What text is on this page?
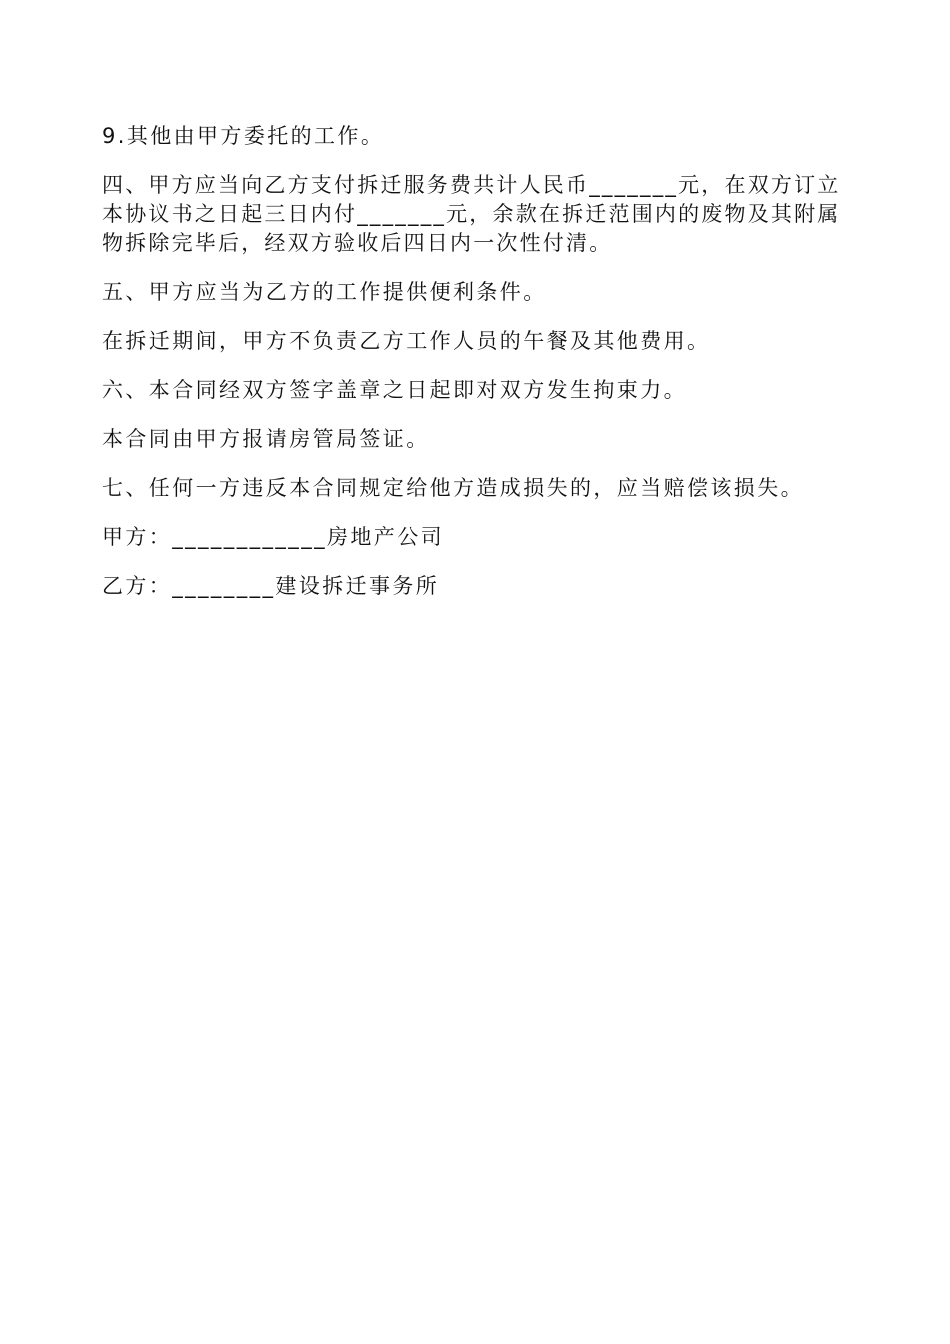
9.其他由甲方委托的工作。

四、甲方应当向乙方支付拆迁服务费共计人民币_______元，在双方订立本协议书之日起三日内付_______元，余款在拆迁范围内的废物及其附属物拆除完毕后，经双方验收后四日内一次性付清。

五、甲方应当为乙方的工作提供便利条件。

在拆迁期间，甲方不负责乙方工作人员的午餐及其他费用。

六、本合同经双方签字盖章之日起即对双方发生拘束力。

本合同由甲方报请房管局签证。

七、任何一方违反本合同规定给他方造成损失的，应当赔偿该损失。

甲方：____________房地产公司

乙方：________建设拆迁事务所
